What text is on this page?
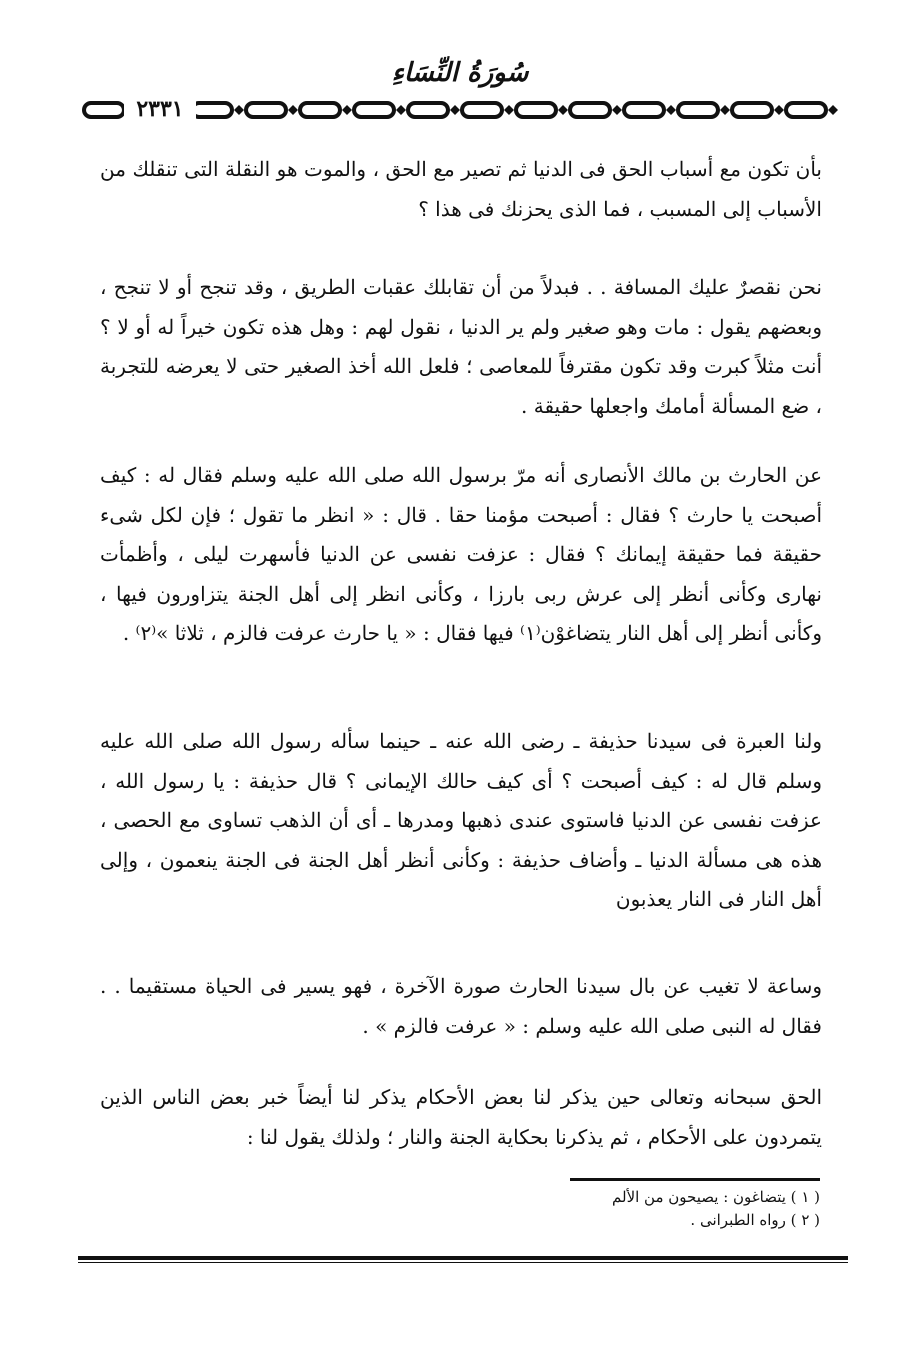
سُورَةُ النِّسَاءِ
٢٣٣١

بأن تكون مع أسباب الحق فى الدنيا ثم تصير مع الحق ، والموت هو النقلة التى تنقلك من الأسباب إلى المسبب ، فما الذى يحزنك فى هذا ؟

نحن نقصرٌ عليك المسافة . . فبدلاً من أن تقابلك عقبات الطريق ، وقد تنجح أو لا تنجح ، وبعضهم يقول : مات وهو صغير ولم ير الدنيا ، نقول لهم : وهل هذه تكون خيراً له أو لا ؟ أنت مثلاً كبرت وقد تكون مقترفاً للمعاصى ؛ فلعل الله أخذ الصغير حتى لا يعرضه للتجربة ، ضع المسألة أمامك واجعلها حقيقة .

عن الحارث بن مالك الأنصارى أنه مرّ برسول الله صلى الله عليه وسلم فقال له : كيف أصبحت يا حارث ؟ فقال : أصبحت مؤمنا حقا . قال : « انظر ما تقول ؛ فإن لكل شىء حقيقة فما حقيقة إيمانك ؟ فقال : عزفت نفسى عن الدنيا فأسهرت ليلى ، وأظمأت نهارى وكأنى أنظر إلى عرش ربى بارزا ، وكأنى انظر إلى أهل الجنة يتزاورون فيها ، وكأنى أنظر إلى أهل النار يتضاغوْن⁽١⁾ فيها فقال : « يا حارث عرفت فالزم ، ثلاثا »⁽٢⁾ .

ولنا العبرة فى سيدنا حذيفة ـ رضى الله عنه ـ حينما سأله رسول الله صلى الله عليه وسلم قال له : كيف أصبحت ؟ أى كيف حالك الإيمانى ؟ قال حذيفة : يا رسول الله ، عزفت نفسى عن الدنيا فاستوى عندى ذهبها ومدرها ـ أى أن الذهب تساوى مع الحصى ، هذه هى مسألة الدنيا ـ وأضاف حذيفة : وكأنى أنظر أهل الجنة فى الجنة ينعمون ، وإلى أهل النار فى النار يعذبون

وساعة لا تغيب عن بال سيدنا الحارث صورة الآخرة ، فهو يسير فى الحياة مستقيما . . فقال له النبى صلى الله عليه وسلم : « عرفت فالزم » .

الحق سبحانه وتعالى حين يذكر لنا بعض الأحكام يذكر لنا أيضاً خبر بعض الناس الذين يتمردون على الأحكام ، ثم يذكرنا بحكاية الجنة والنار ؛ ولذلك يقول لنا :

( ١ ) يتضاغون : يصيحون من الألم
( ٢ ) رواه الطبرانى .
